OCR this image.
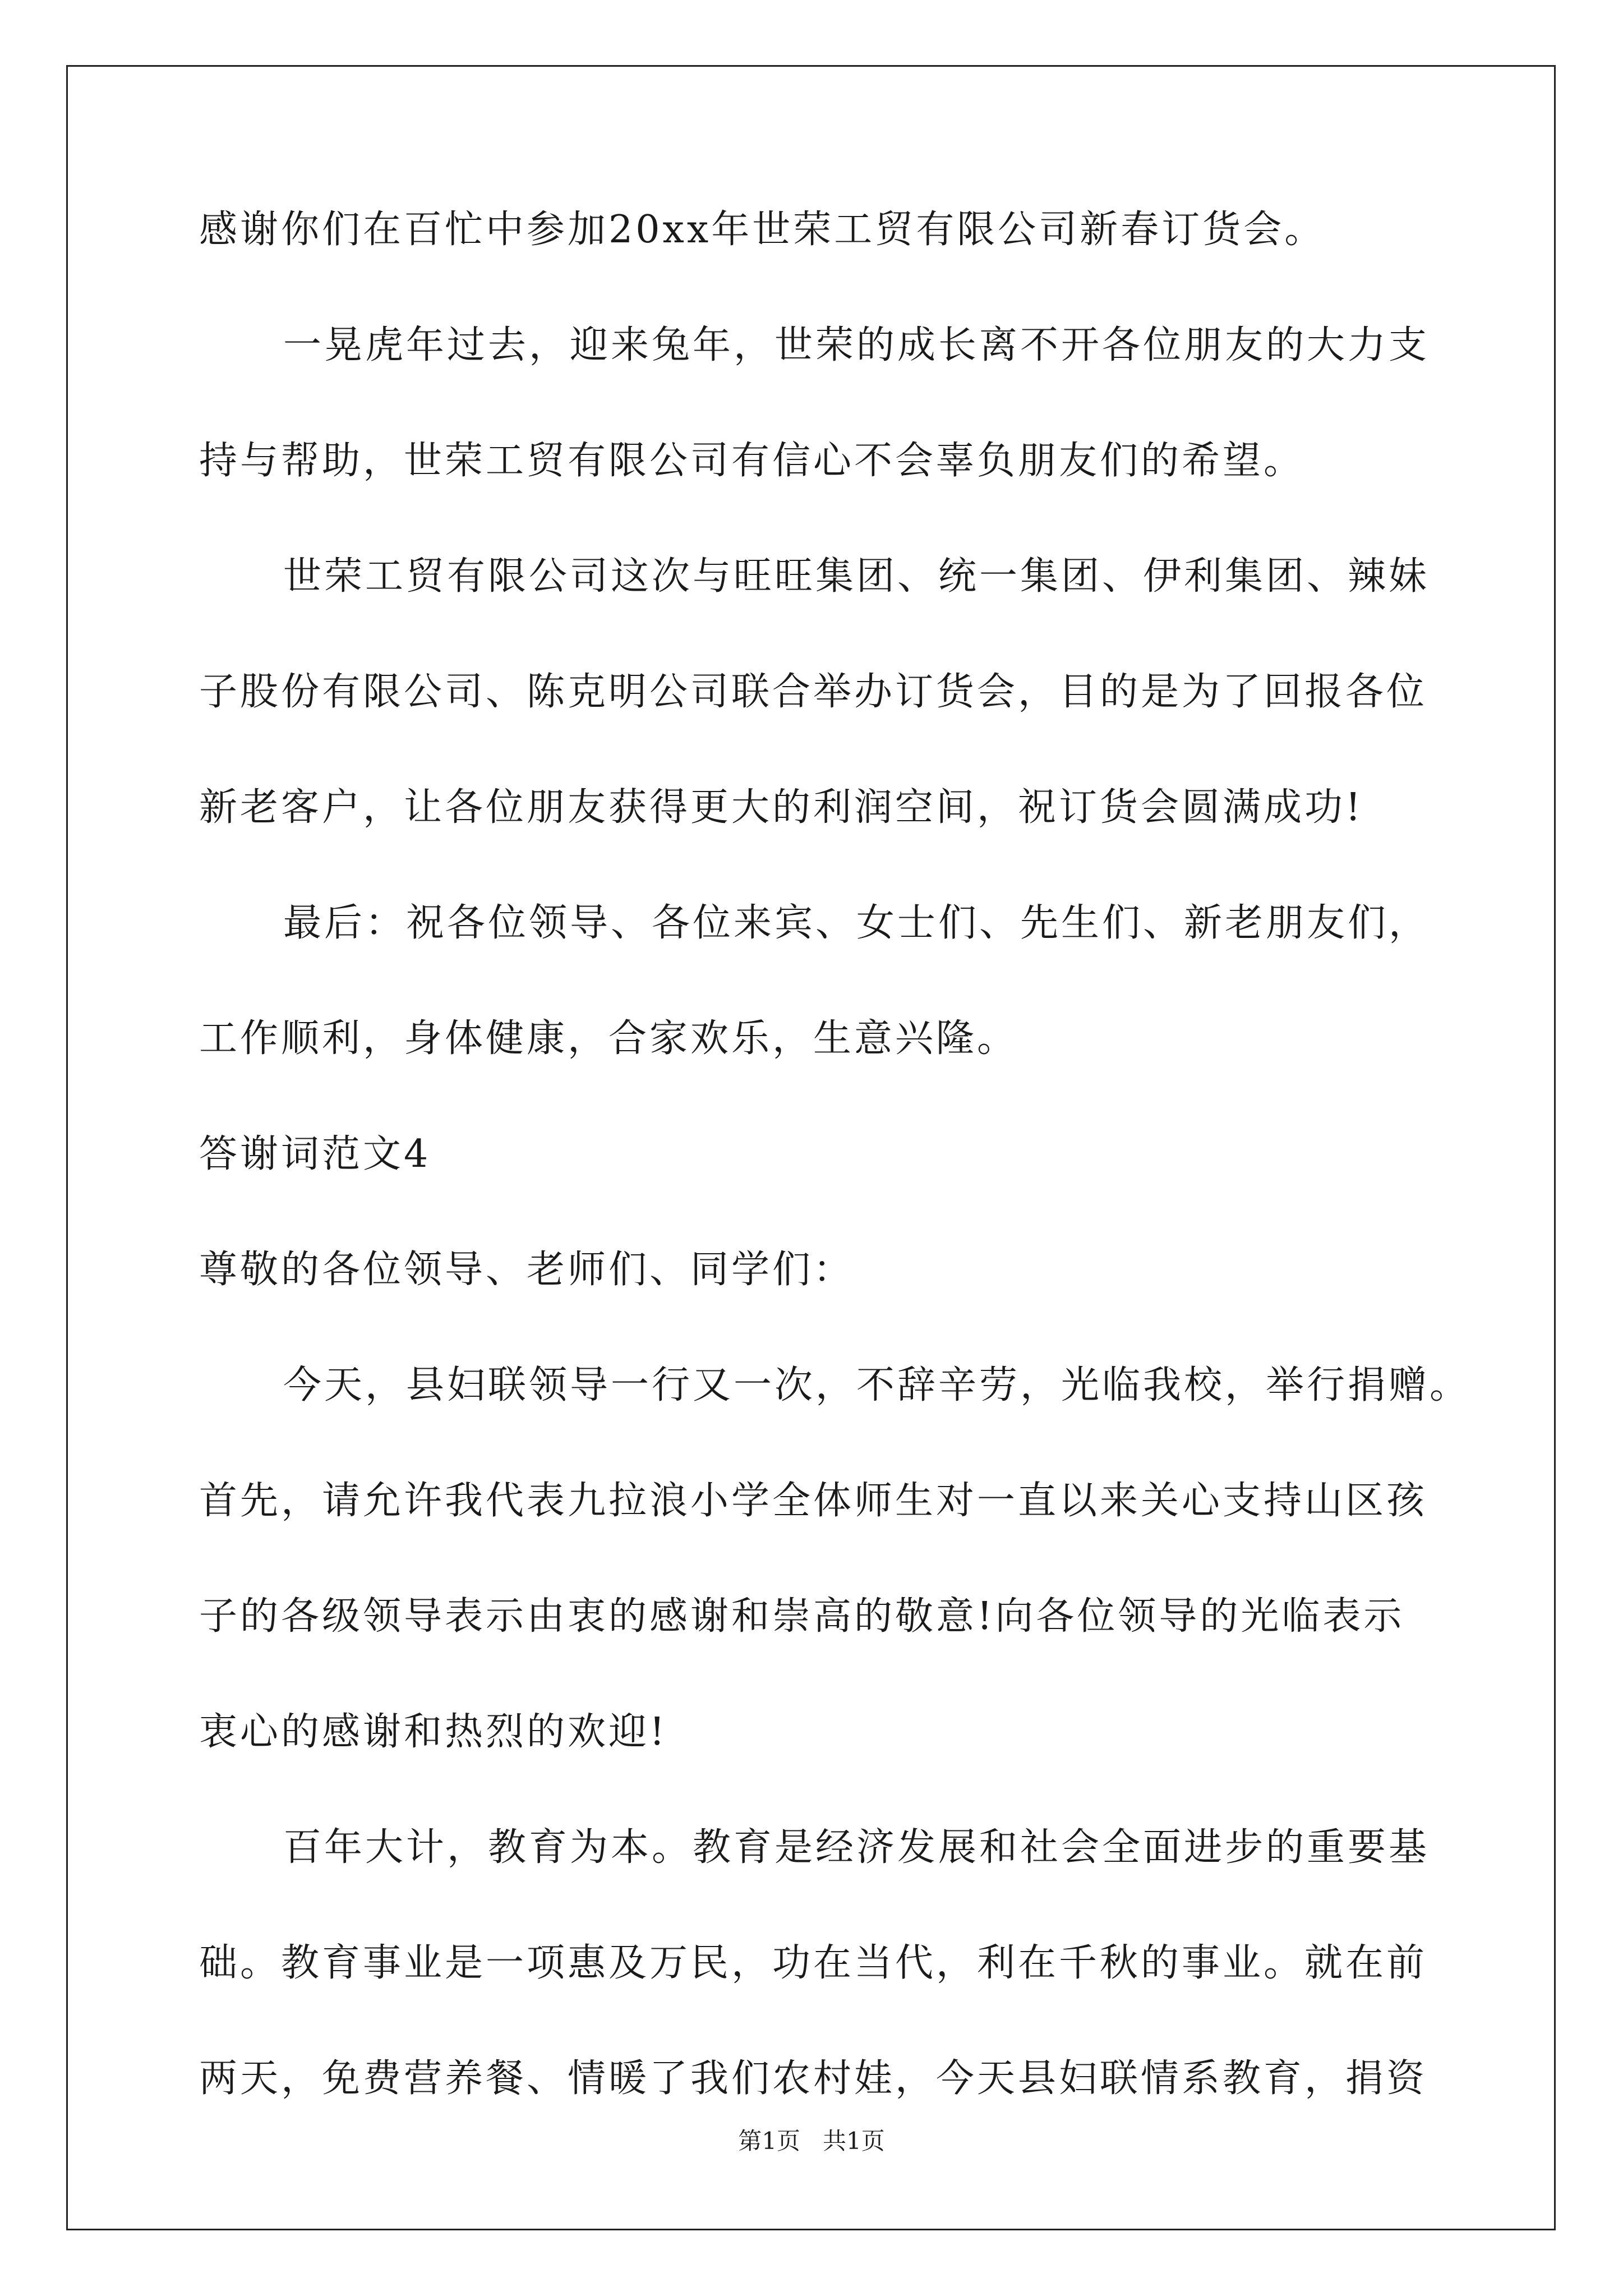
感谢你们在百忙中参加20xx年世荣工贸有限公司新春订货会。
一晃虎年过去，迎来兔年，世荣的成长离不开各位朋友的大力支
持与帮助，世荣工贸有限公司有信心不会辜负朋友们的希望。
世荣工贸有限公司这次与旺旺集团、统一集团、伊利集团、辣妹
子股份有限公司、陈克明公司联合举办订货会，目的是为了回报各位
新老客户，让各位朋友获得更大的利润空间，祝订货会圆满成功!
最后：祝各位领导、各位来宾、女士们、先生们、新老朋友们，
工作顺利，身体健康，合家欢乐，生意兴隆。
答谢词范文4
尊敬的各位领导、老师们、同学们：
今天，县妇联领导一行又一次，不辞辛劳，光临我校，举行捐赠。
首先，请允许我代表九拉浪小学全体师生对一直以来关心支持山区孩
子的各级领导表示由衷的感谢和崇高的敬意!向各位领导的光临表示
衷心的感谢和热烈的欢迎!
百年大计，教育为本。教育是经济发展和社会全面进步的重要基
础。教育事业是一项惠及万民，功在当代，利在千秋的事业。就在前
两天，免费营养餐、情暖了我们农村娃，今天县妇联情系教育，捐资
第1页   共1页
